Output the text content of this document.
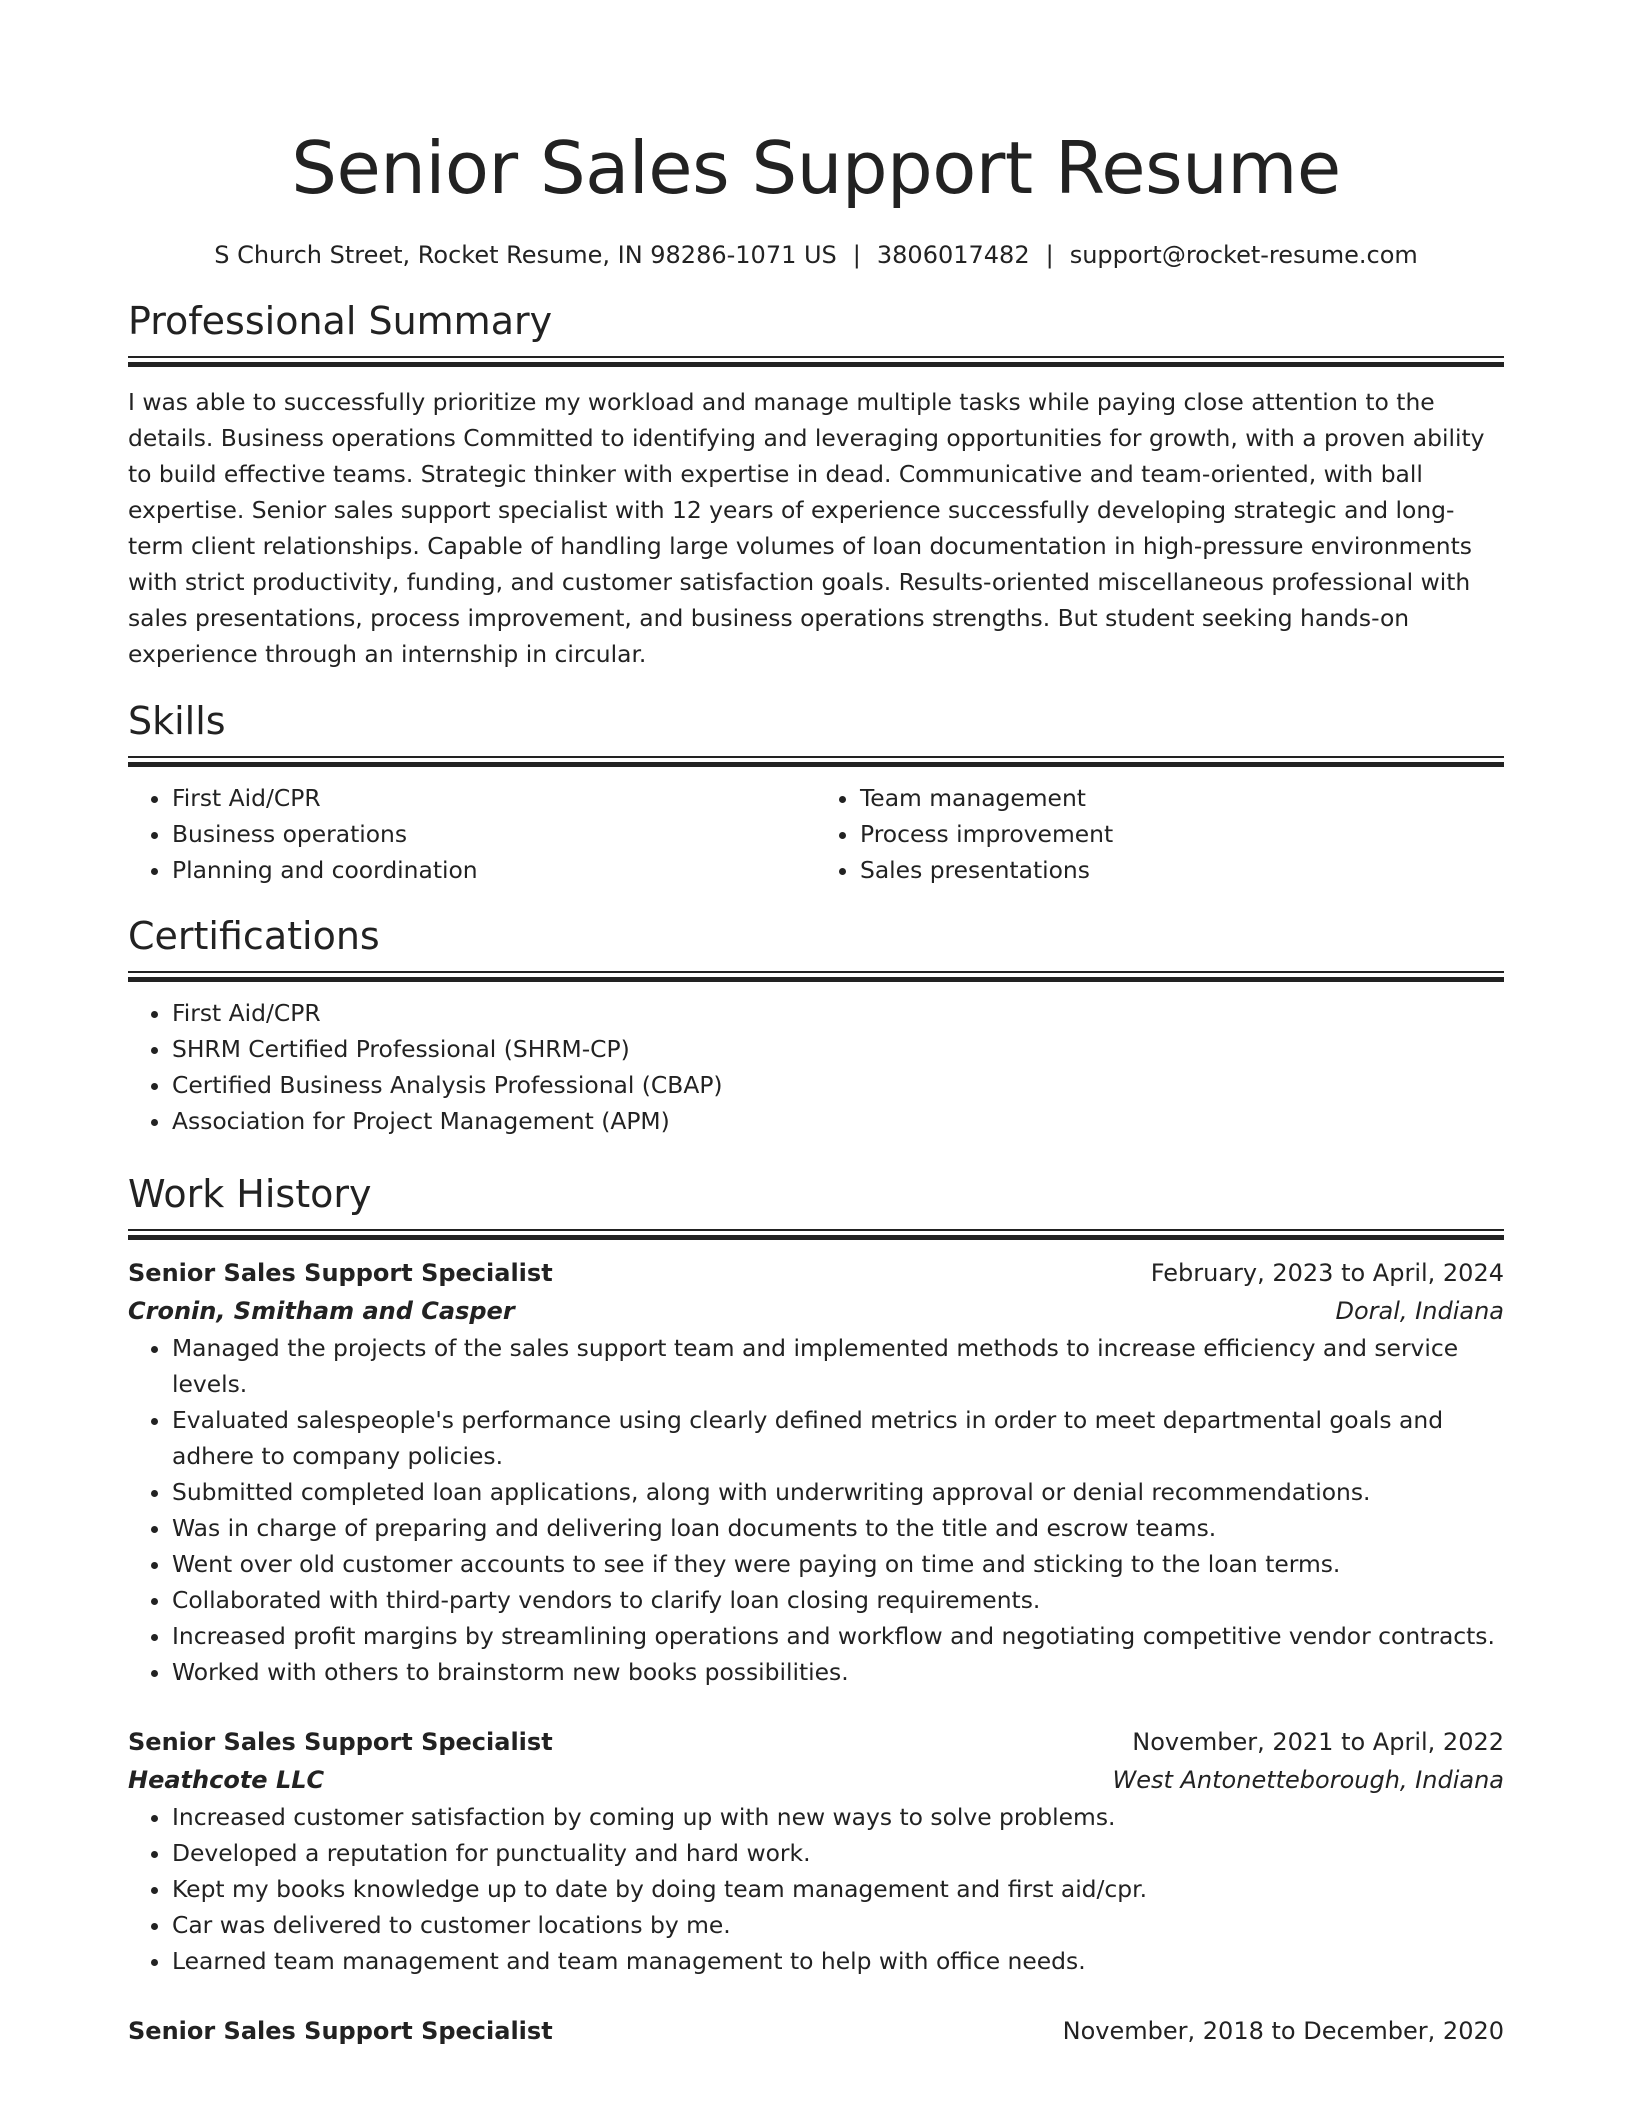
Senior Sales Support Resume
S Church Street, Rocket Resume, IN 98286-1071 US | 3806017482 | support@rocket-resume.com
Professional Summary
I was able to successfully prioritize my workload and manage multiple tasks while paying close attention to the details. Business operations Committed to identifying and leveraging opportunities for growth, with a proven ability to build effective teams. Strategic thinker with expertise in dead. Communicative and team-oriented, with ball expertise. Senior sales support specialist with 12 years of experience successfully developing strategic and long-term client relationships. Capable of handling large volumes of loan documentation in high-pressure environments with strict productivity, funding, and customer satisfaction goals. Results-oriented miscellaneous professional with sales presentations, process improvement, and business operations strengths. But student seeking hands-on experience through an internship in circular.
Skills
• First Aid/CPR
• Business operations
• Planning and coordination
• Team management
• Process improvement
• Sales presentations
Certifications
• First Aid/CPR
• SHRM Certified Professional (SHRM-CP)
• Certified Business Analysis Professional (CBAP)
• Association for Project Management (APM)
Work History
Senior Sales Support Specialist	February, 2023 to April, 2024
Cronin, Smitham and Casper	Doral, Indiana
• Managed the projects of the sales support team and implemented methods to increase efficiency and service levels.
• Evaluated salespeople's performance using clearly defined metrics in order to meet departmental goals and adhere to company policies.
• Submitted completed loan applications, along with underwriting approval or denial recommendations.
• Was in charge of preparing and delivering loan documents to the title and escrow teams.
• Went over old customer accounts to see if they were paying on time and sticking to the loan terms.
• Collaborated with third-party vendors to clarify loan closing requirements.
• Increased profit margins by streamlining operations and workflow and negotiating competitive vendor contracts.
• Worked with others to brainstorm new books possibilities.
Senior Sales Support Specialist	November, 2021 to April, 2022
Heathcote LLC	West Antonetteborough, Indiana
• Increased customer satisfaction by coming up with new ways to solve problems.
• Developed a reputation for punctuality and hard work.
• Kept my books knowledge up to date by doing team management and first aid/cpr.
• Car was delivered to customer locations by me.
• Learned team management and team management to help with office needs.
Senior Sales Support Specialist	November, 2018 to December, 2020
